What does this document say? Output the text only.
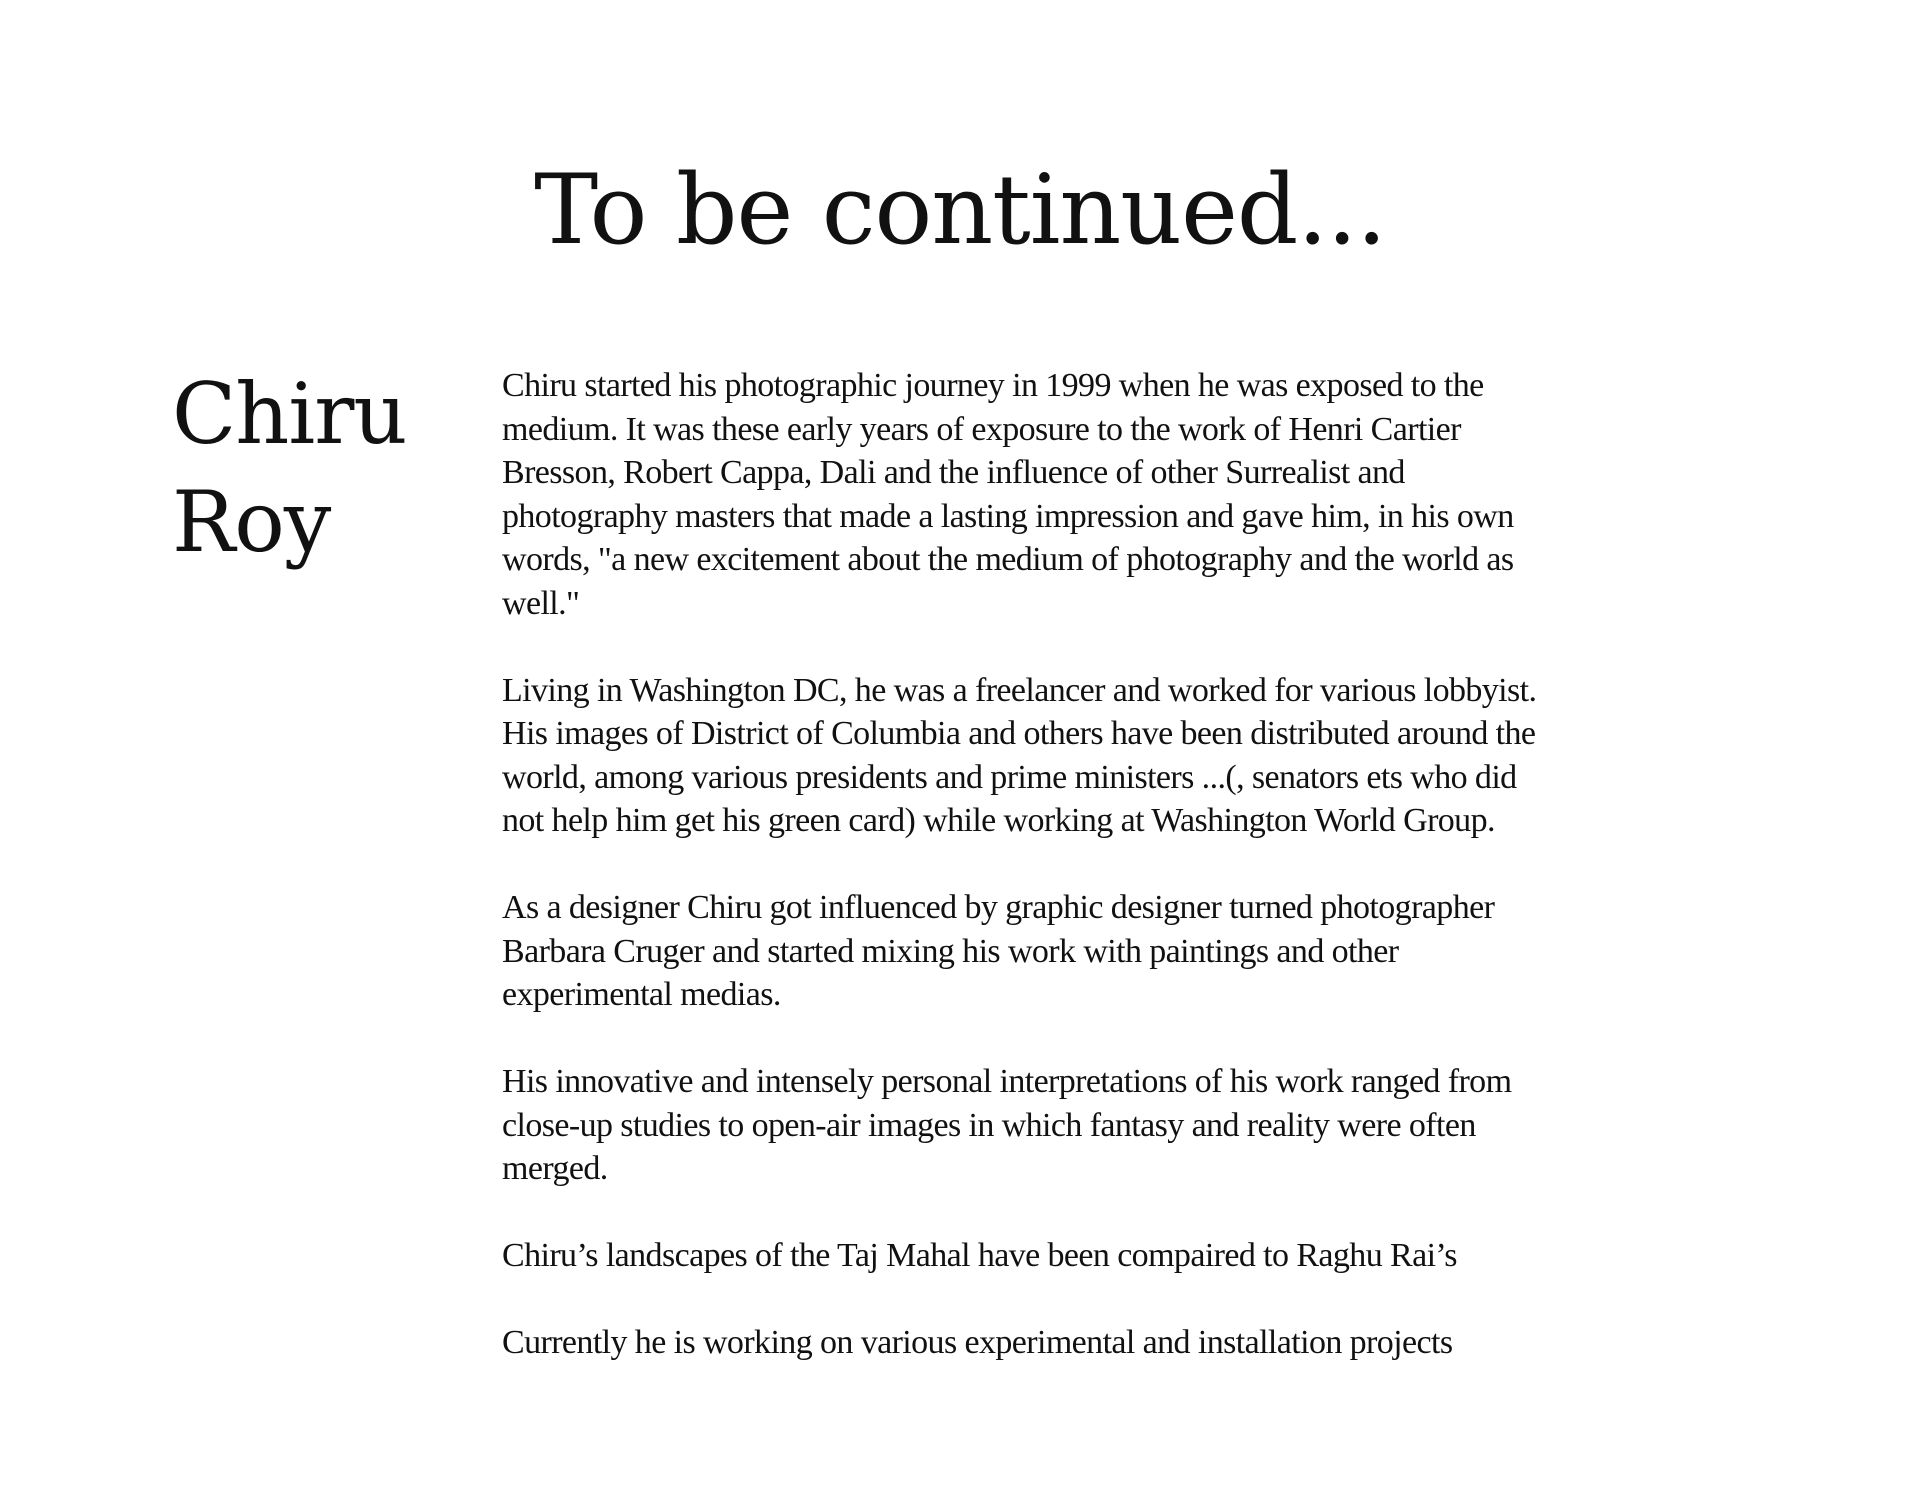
To be continued...
Chiru
Roy

Chiru started his photographic journey in 1999 when he was exposed to the medium. It was these early years of exposure to the work of Henri Cartier Bresson, Robert Cappa, Dali and the influence of other Surrealist and photography masters that made a lasting impression and gave him, in his own words, "a new excitement about the medium of photography and the world as well."

Living in Washington DC, he was a freelancer and worked for various lobbyist. His images of District of Columbia and others have been distributed around the world, among various presidents and prime ministers ...(, senators ets who did not help him get his green card) while working at Washington World Group.

As a designer Chiru got influenced by graphic designer turned photographer Barbara Cruger and started mixing his work with paintings and other experimental medias.

His innovative and intensely personal interpretations of his work ranged from close-up studies to open-air images in which fantasy and reality were often merged.

Chiru’s landscapes of the Taj Mahal have been compaired to Raghu Rai’s

Currently he is working on various experimental and installation projects
